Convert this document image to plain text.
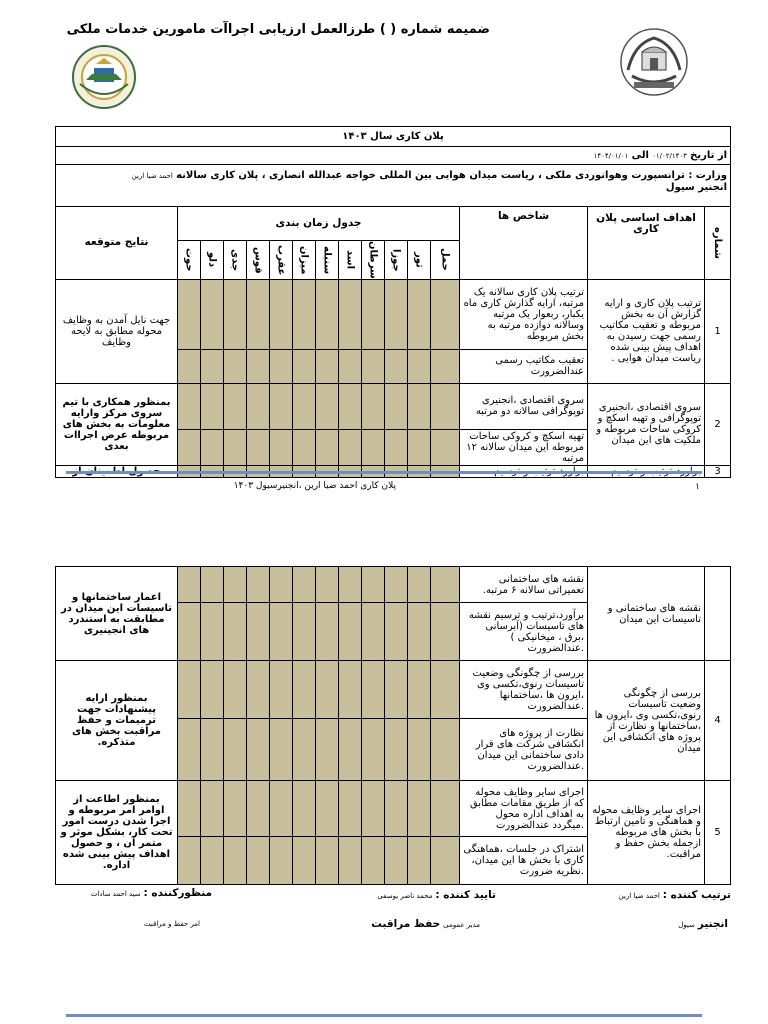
ضمیمه شماره ( ) طرزالعمل ارزیابی اجراآت مامورین خدمات ملکی
پلان کاری سال ۱۴۰۳															
از تاریخ ۰۱/۰۲/۱۴۰۳ الی ۱۴۰۴/۰۱/۰۱															
وزارت : ترانسپورت وهوانوردی ملکی ، ریاست میدان هوایی بین المللی خواجه عبدالله انصاری ، پلان کاری سالانه احمد ضیا ارین
انجنیر سیول															

شماره	اهداف اساسی پلان کاری	شاخص ها	جدول زمان بندی												نتایج متوقعه

			حمل	ثور	جوزا	سرطان	اسد	سنبله	میزان	عقرب	قوس	جدی	دلو	حوت	

1	ترتیب پلان کاری و ارایه گزارش آن به بخش مربوطه و تعقیب مکاتیب رسمی جهت رسیدن به اهداف پیش بینی شده ریاست میدان هوایی .	ترتیب پلان کاری سالانه یک مرتبه، ارایه گذارش کاری ماه یکبار، ربعوار یک مرتبه وسالانه دوازده مرتبه به بخش مربوطه													جهت نایل آمدن به وظایف محوله مطابق به لایحه وظایف
		تعقیب مکاتیب رسمی عندالضرورت													
2	سروی اقتصادی ،انجنیری توپوگرافی و تهیه اسکچ و کروکی ساحات مربوطه و ملکیت های این میدان	سروی اقتصادی ،انجنیری توپوگرافی سالانه دو مرتبه													بمنظور همکاری با تیم سروی مرکز وارایه معلومات به بخش های مربوطه عرض اجراات بعدی
		تهیه اسکچ و کروکی ساحات مربوطه این میدان سالانه ۱۲ مرتبه													
3															
پلان کاری احمد ضیا ارین ،انجنیرسیول ۱۴۰۳	۱
	نقشه های ساختمانی و تاسیسات این میدان	نقشه های ساختمانی تعمیراتی سالانه ۶ مرتبه.													اعمار ساختمانها و تاسیسات این میدان در مطابقت به استندرد های انجینیری
		برآورد،ترتیب و ترسیم نقشه های تاسیسات (آبرسانی ،برق ، میخانیکی ) .عندالضرورت													
4	بررسی از چگونگی وضعیت تاسیسات رنوی،تکسی وی ،ایرون ها ،ساختمانها و نظارت از پروژه های انکشافی این میدان	بررسی از چگونگی وضعیت تاسیسات رنوی،تکسی وی ،ایرون ها ،ساختمانها .عندالضرورت													بمنظور ارایه پیشنهادات جهت ترمیمات و حفظ مراقبت بخش های متذکره.
		نظارت از پروژه های انکشافی شرکت های قرار دادی ساختمانی این میدان .عندالضرورت													
5	اجرای سایر وظایف محوله و هماهنگی و تامین ارتباط با بخش های مربوطه ازجمله بخش حفظ و مراقبت.	اجرای سایر وظایف محوله که از طریق مقامات مطابق به اهداف اداره محول .میگردد عندالضرورت													بمنظور اطاعت از اوامر امر مربوطه و اجرا شدن درست امور تحت کار، بشکل موثر و متمر آن ، و حصول اهداف پیش بینی شده اداره.
		اشتراک در جلسات ،هماهنگی کاری با بخش ها این میدان، .نظریه ضرورت													
ترتیب کننده : احمد ضیا ارین
تایید کننده : محمد ناصر یوسفی
منظورکننده : سید احمد سادات
انجنیر سیول
مدیر عمومی حفظ مراقبت
امر حفظ و مراقبت
